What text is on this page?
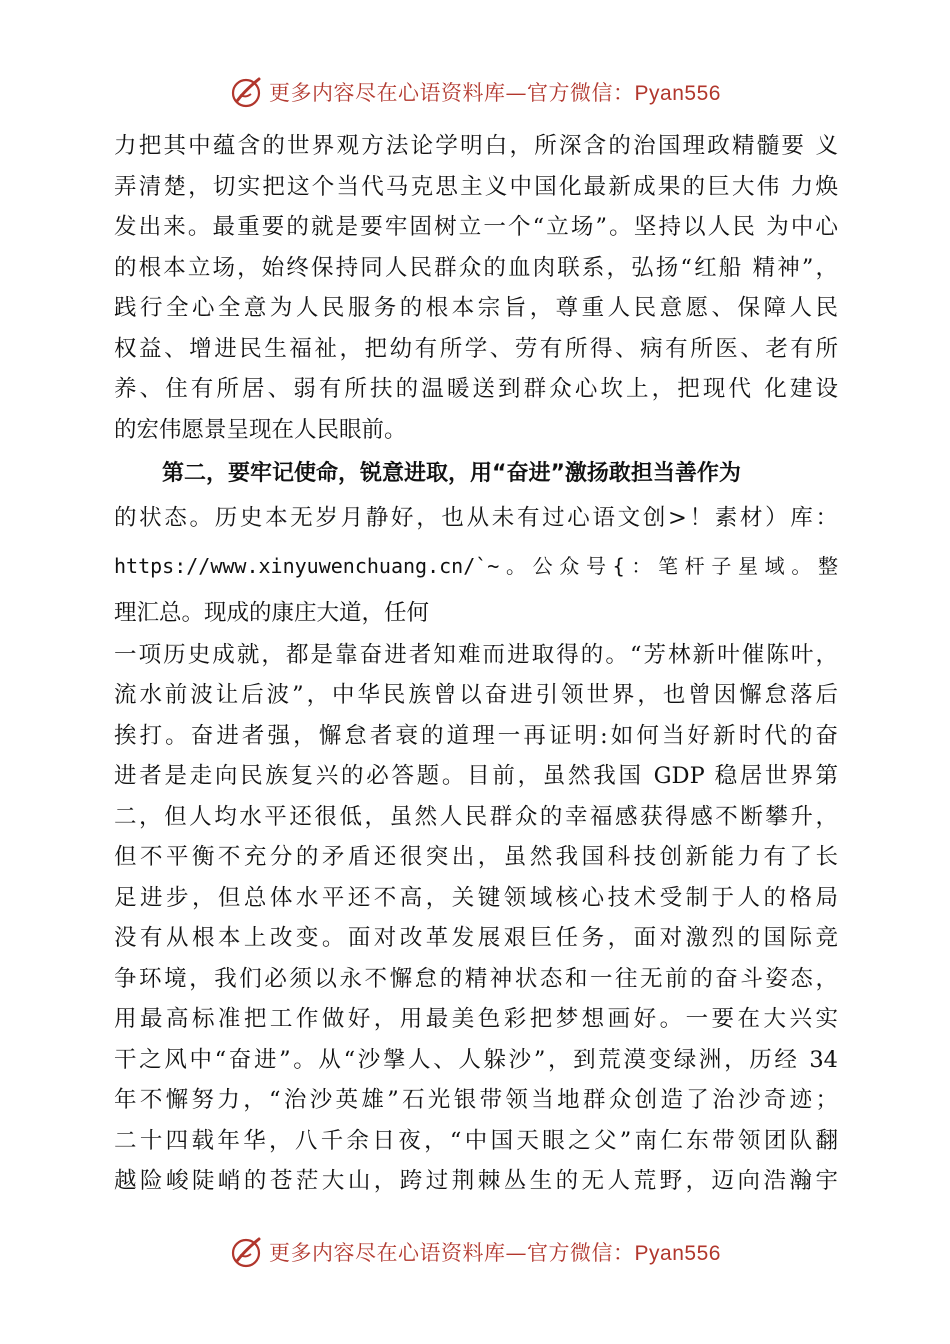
更多内容尽在心语资料库—官方微信：Pyan556
力把其中蕴含的世界观方法论学明白，所深含的治国理政精髓要 义
弄清楚，切实把这个当代马克思主义中国化最新成果的巨大伟 力焕
发出来。最重要的就是要牢固树立一个“立场”。坚持以人民 为中心
的根本立场，始终保持同人民群众的血肉联系，弘扬“红船 精神”，
践行全心全意为人民服务的根本宗旨，尊重人民意愿、保障人民
权益、增进民生福祉，把幼有所学、劳有所得、病有所医、老有所
养、住有所居、弱有所扶的温暖送到群众心坎上，把现代 化建设
的宏伟愿景呈现在人民眼前。
第二，要牢记使命，锐意进取，用“奋进”激扬敢担当善作为
的状态。历史本无岁月静好，也从未有过心语文创>！素材）库：
https://www.xinyuwenchuang.cn/`~。公众号{：笔杆子星域。整
理汇总。现成的康庄大道，任何
一项历史成就，都是靠奋进者知难而进取得的。“芳林新叶催陈叶，
流水前波让后波”，中华民族曾以奋进引领世界，也曾因懈怠落后
挨打。奋进者强，懈怠者衰的道理一再证明:如何当好新时代的奋
进者是走向民族复兴的必答题。目前，虽然我国 GDP 稳居世界第
二，但人均水平还很低，虽然人民群众的幸福感获得感不断攀升，
但不平衡不充分的矛盾还很突出，虽然我国科技创新能力有了长
足进步，但总体水平还不高，关键领域核心技术受制于人的格局
没有从根本上改变。面对改革发展艰巨任务，面对激烈的国际竞
争环境，我们必须以永不懈怠的精神状态和一往无前的奋斗姿态，
用最高标准把工作做好，用最美色彩把梦想画好。一要在大兴实
干之风中“奋进”。从“沙搫人、人躲沙”，到荒漠变绿洲，历经 34
年不懈努力，“治沙英雄”石光银带领当地群众创造了治沙奇迹；
二十四载年华，八千余日夜，“中国天眼之父”南仁东带领团队翻
越险峻陡峭的苍茫大山，跨过荆棘丛生的无人荒野，迈向浩瀚宇
更多内容尽在心语资料库—官方微信：Pyan556
